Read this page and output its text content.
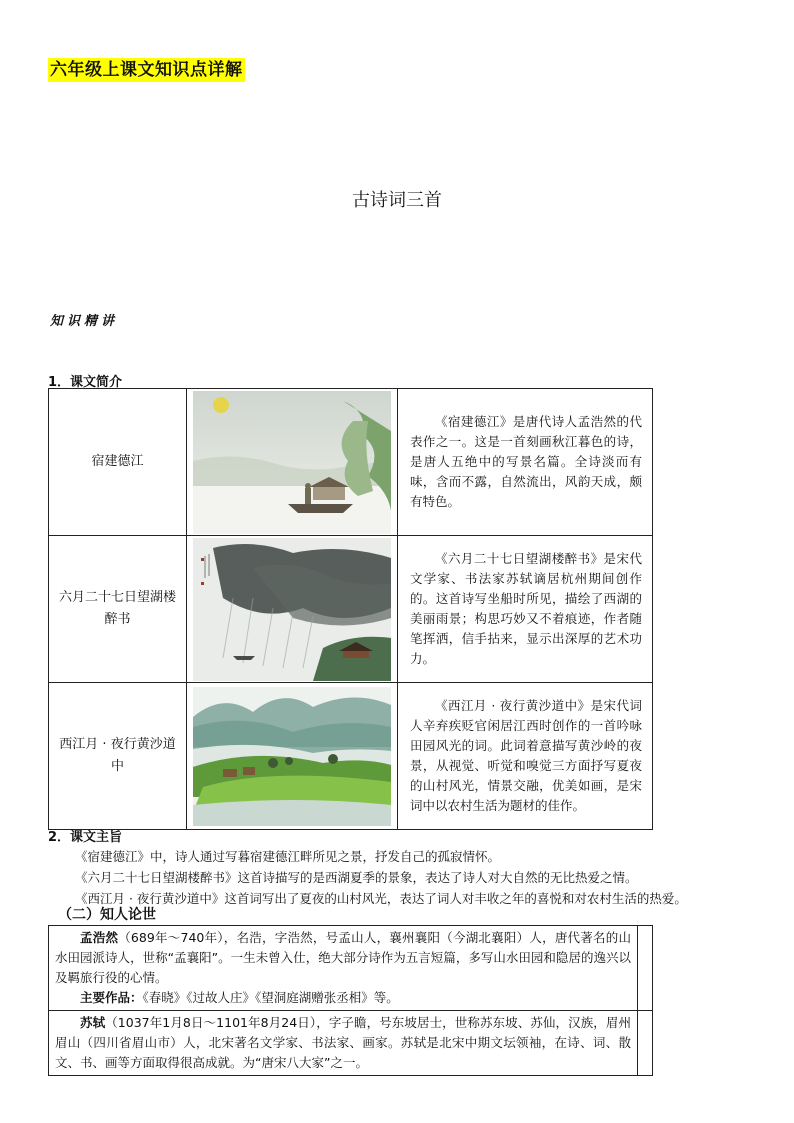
六年级上课文知识点详解
古诗词三首
知识精讲
1．课文简介
宿建德江		《宿建德江》是唐代诗人孟浩然的代表作之一。这是一首刻画秋江暮色的诗，是唐人五绝中的写景名篇。全诗淡而有味，含而不露，自然流出，风韵天成，颇有特色。
六月二十七日望湖楼醉书		《六月二十七日望湖楼醉书》是宋代文学家、书法家苏轼谪居杭州期间创作的。这首诗写坐船时所见，描绘了西湖的美丽雨景；构思巧妙又不着痕迹，作者随笔挥洒，信手拈来，显示出深厚的艺术功力。
西江月 · 夜行黄沙道中		《西江月 · 夜行黄沙道中》是宋代词人辛弃疾贬官闲居江西时创作的一首吟咏田园风光的词。此词着意描写黄沙岭的夜景，从视觉、听觉和嗅觉三方面抒写夏夜的山村风光，情景交融，优美如画，是宋词中以农村生活为题材的佳作。
2．课文主旨

《宿建德江》中，诗人通过写暮宿建德江畔所见之景，抒发自己的孤寂情怀。

《六月二十七日望湖楼醉书》这首诗描写的是西湖夏季的景象，表达了诗人对大自然的无比热爱之情。

《西江月 · 夜行黄沙道中》这首词写出了夏夜的山村风光，表达了词人对丰收之年的喜悦和对农村生活的热爱。

（二）知人论世

孟浩然（689年～740年），名浩，字浩然，号孟山人，襄州襄阳（今湖北襄阳）人，唐代著名的山水田园派诗人，世称“孟襄阳”。一生未曾入仕，绝大部分诗作为五言短篇，多写山水田园和隐居的逸兴以及羁旅行役的心情。

主要作品：《春晓》《过故人庄》《望洞庭湖赠张丞相》等。	

苏轼（1037年1月8日～1101年8月24日），字子瞻，号东坡居士，世称苏东坡、苏仙，汉族，眉州眉山（四川省眉山市）人，北宋著名文学家、书法家、画家。苏轼是北宋中期文坛领袖，在诗、词、散文、书、画等方面取得很高成就。为“唐宋八大家”之一。	
